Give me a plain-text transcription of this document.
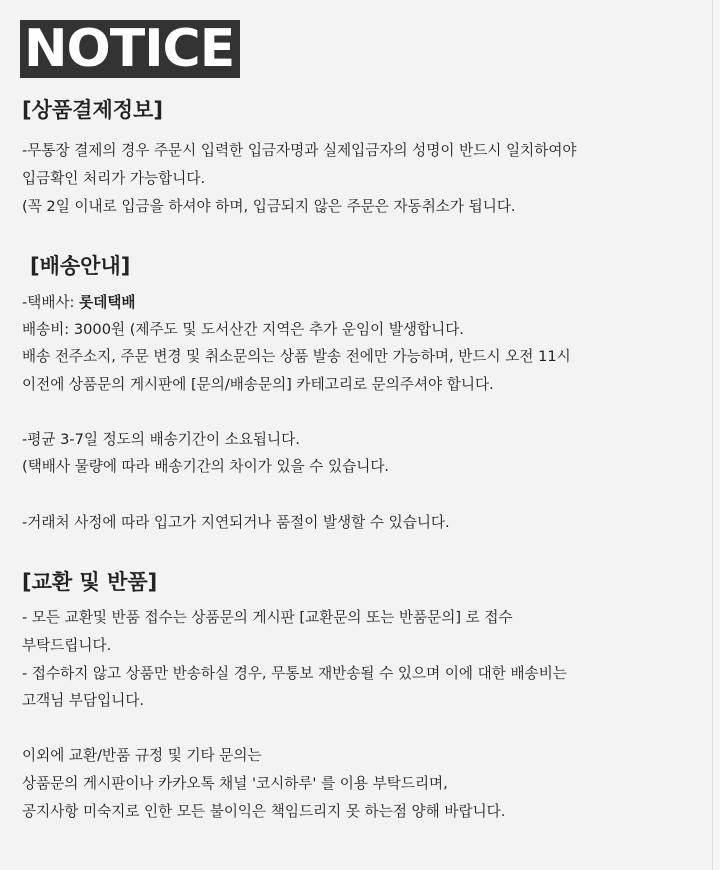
NOTICE
[상품결제정보]
-무통장 결제의 경우 주문시 입력한 입금자명과 실제입금자의 성명이 반드시 일치하여야
입금확인 처리가 가능합니다.
(꼭 2일 이내로 입금을 하셔야 하며, 입금되지 않은 주문은 자동취소가 됩니다.
[배송안내]
-택배사: 롯데택배
배송비: 3000원 (제주도 및 도서산간 지역은 추가 운임이 발생합니다.
배송 전주소지, 주문 변경 및 취소문의는 상품 발송 전에만 가능하며, 반드시 오전 11시
이전에 상품문의 게시판에 [문의/배송문의] 카테고리로 문의주셔야 합니다.
-평균 3-7일 정도의 배송기간이 소요됩니다.
(택배사 물량에 따라 배송기간의 차이가 있을 수 있습니다.
-거래처 사정에 따라 입고가 지연되거나 품절이 발생할 수 있습니다.
[교환 및 반품]
- 모든 교환및 반품 접수는 상품문의 게시판 [교환문의 또는 반품문의] 로 접수
부탁드립니다.
- 접수하지 않고 상품만 반송하실 경우, 무통보 재반송될 수 있으며 이에 대한 배송비는
고객님 부담입니다.
이외에 교환/반품 규정 및 기타 문의는
상품문의 게시판이나 카카오톡 채널 '코시하루' 를 이용 부탁드리며,
공지사항 미숙지로 인한 모든 불이익은 책임드리지 못 하는점 양해 바랍니다.
